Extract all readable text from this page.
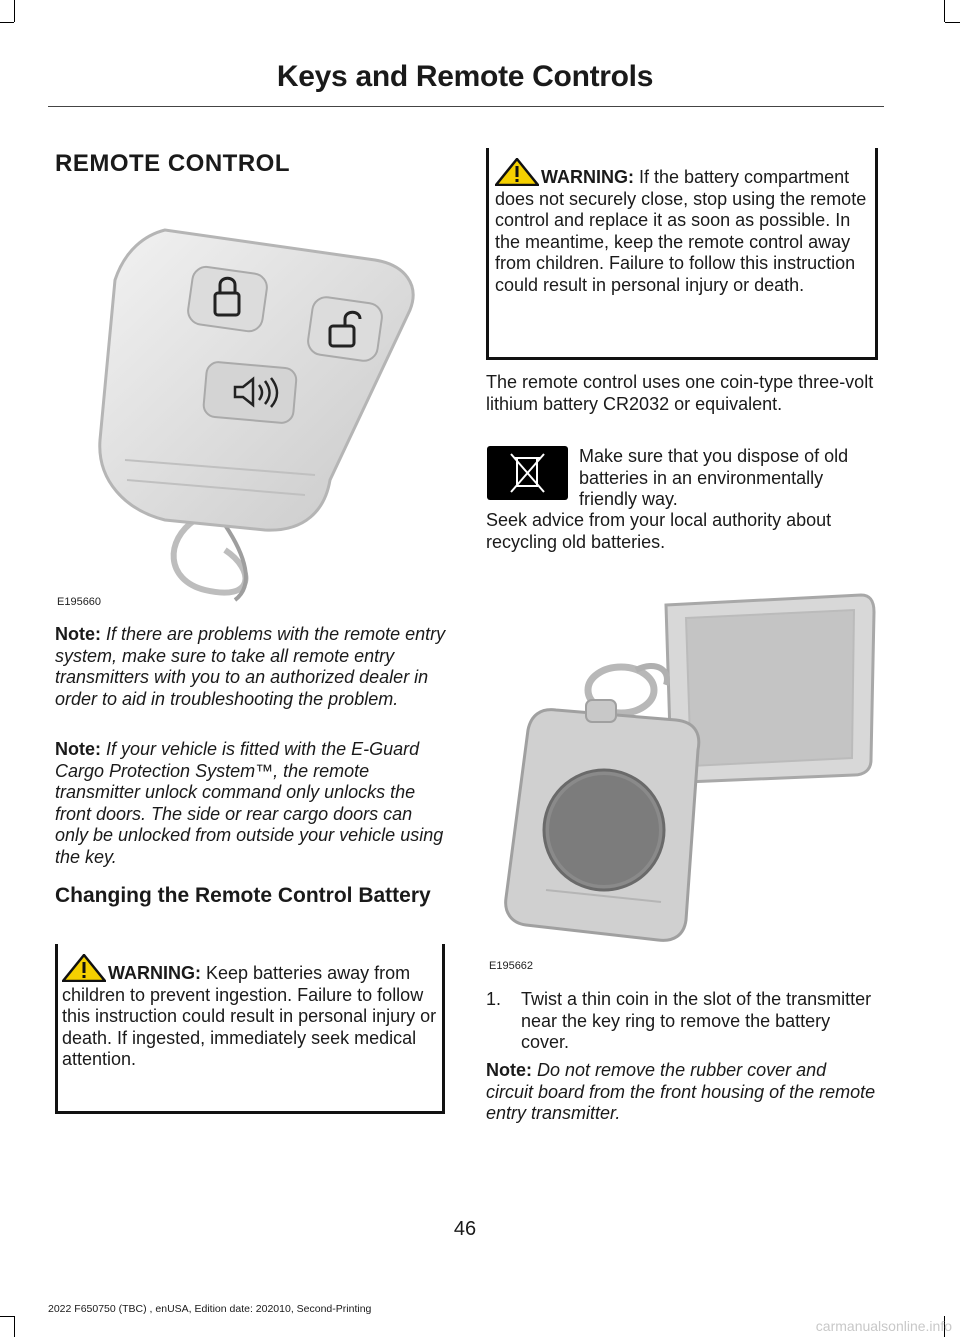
Keys and Remote Controls
REMOTE CONTROL
E195660
Note: If there are problems with the remote entry system, make sure to take all remote entry transmitters with you to an authorized dealer in order to aid in troubleshooting the problem.
Note: If your vehicle is fitted with the E-Guard Cargo Protection System™, the remote transmitter unlock command only unlocks the front doors. The side or rear cargo doors can only be unlocked from outside your vehicle using the key.
Changing the Remote Control Battery
WARNING: Keep batteries away from children to prevent ingestion. Failure to follow this instruction could result in personal injury or death. If ingested, immediately seek medical attention.
WARNING: If the battery compartment does not securely close, stop using the remote control and replace it as soon as possible. In the meantime, keep the remote control away from children. Failure to follow this instruction could result in personal injury or death.
The remote control uses one coin-type three-volt lithium battery CR2032 or equivalent.
Make sure that you dispose of old batteries in an environmentally friendly way.
Seek advice from your local authority about recycling old batteries.
E195662
1.	Twist a thin coin in the slot of the transmitter near the key ring to remove the battery cover.
Note: Do not remove the rubber cover and circuit board from the front housing of the remote entry transmitter.
46
2022 F650750 (TBC) , enUSA, Edition date: 202010, Second-Printing
carmanualsonline.info
